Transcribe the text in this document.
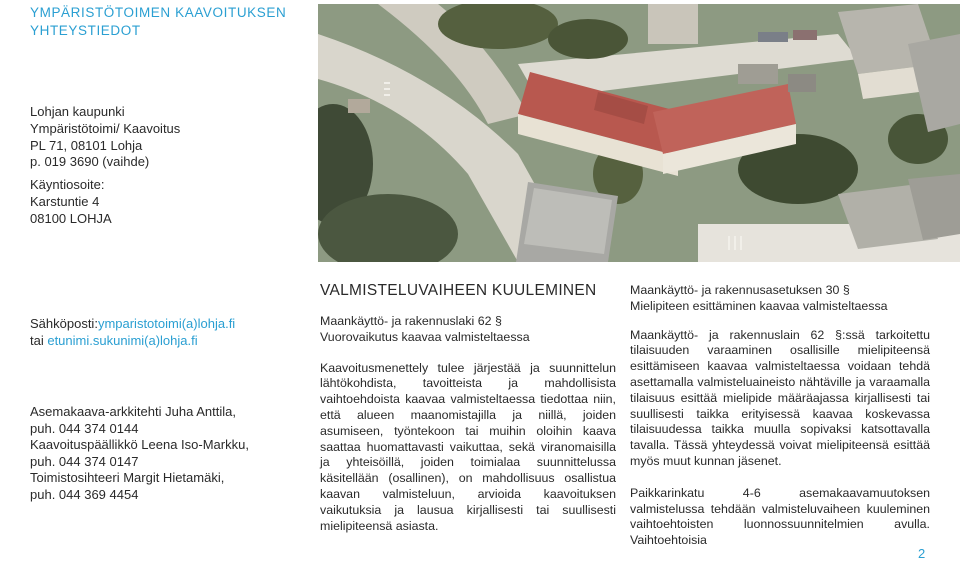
YMPÄRISTÖTOIMEN KAAVOITUKSEN
YHTEYSTIEDOT
Lohjan kaupunki
Ympäristötoimi/ Kaavoitus
PL 71, 08101 Lohja
p. 019 3690 (vaihde)
Käyntiosoite:
Karstuntie 4
08100 LOHJA
Sähköposti:ymparistotoimi(a)lohja.fi
tai etunimi.sukunimi(a)lohja.fi
Asemakaava-arkkitehti Juha Anttila,
puh. 044 374 0144
Kaavoituspäällikkö Leena Iso-Markku,
puh. 044 374 0147
Toimistosihteeri Margit Hietamäki,
puh. 044 369 4454
VALMISTELUVAIHEEN KUULEMINEN
Maankäyttö- ja rakennuslaki 62 §
Vuorovaikutus kaavaa valmisteltaessa
Kaavoitusmenettely tulee järjestää ja suunnittelun lähtökohdista, tavoitteista ja mahdollisista vaihtoehdoista kaavaa valmisteltaessa tiedottaa niin, että alueen maanomistajilla ja niillä, joiden asumiseen, työntekoon tai muihin oloihin kaava saattaa huomattavasti vaikuttaa, sekä viranomaisilla ja yhteisöillä, joiden toimialaa suunnittelussa käsitellään (osallinen), on mahdollisuus osallistua kaavan valmisteluun, arvioida kaavoituksen vaikutuksia ja lausua kirjallisesti tai suullisesti mielipiteensä asiasta.
Maankäyttö- ja rakennusasetuksen 30 §
Mielipiteen esittäminen kaavaa valmisteltaessa
Maankäyttö- ja rakennuslain 62 §:ssä tarkoitettu tilaisuuden varaaminen osallisille mielipiteensä esittämiseen kaavaa valmisteltaessa voidaan tehdä asettamalla valmisteluaineisto nähtäville ja varaamalla tilaisuus esittää mielipide määräajassa kirjallisesti tai suullisesti taikka erityisessä kaavaa koskevassa tilaisuudessa taikka muulla sopivaksi katsottavalla tavalla. Tässä yhteydessä voivat mielipiteensä esittää myös muut kunnan jäsenet.
Paikkarinkatu 4-6 asemakaavamuutoksen valmistelussa tehdään valmisteluvaiheen kuuleminen vaihtoehtoisten luonnossuunnitelmien avulla. Vaihtoehtoisia
2
